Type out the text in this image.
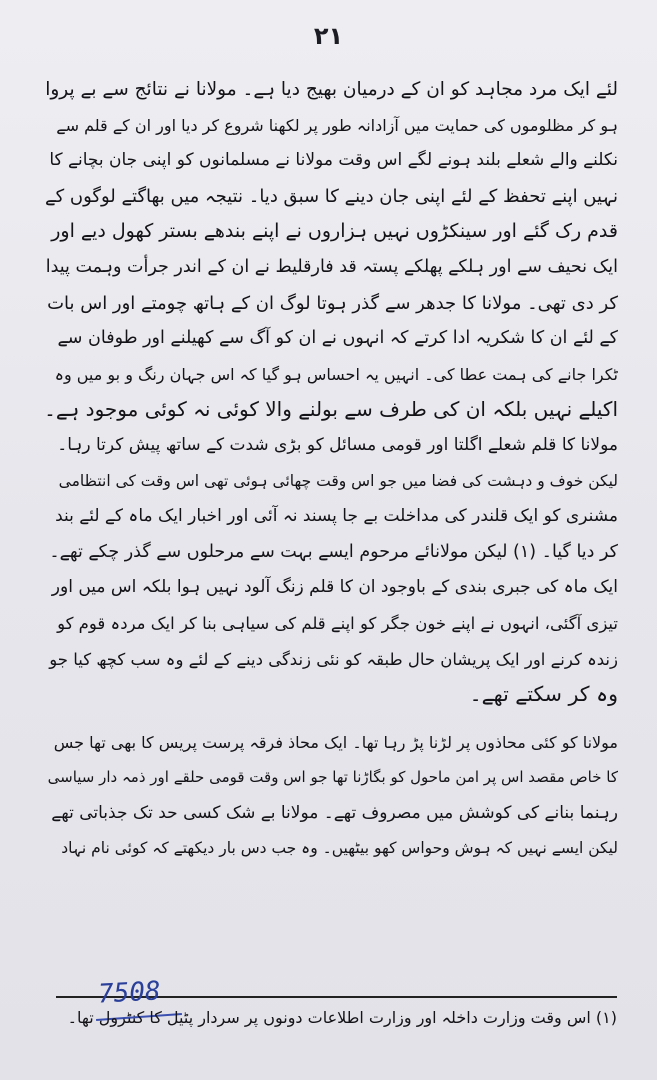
۲۱
لئے ایک مرد مجاہد کو ان کے درمیان بھیج دیا ہے۔ مولانا نے نتائج سے بے پروا
ہو کر مظلوموں کی حمایت میں آزادانہ طور پر لکھنا شروع کر دیا اور ان کے قلم سے
نکلنے والے شعلے بلند ہونے لگے اس وقت مولانا نے مسلمانوں کو اپنی جان بچانے کا
نہیں اپنے تحفظ کے لئے اپنی جان دینے کا سبق دیا۔ نتیجہ میں بھاگتے لوگوں کے
قدم رک گئے اور سینکڑوں نہیں ہزاروں نے اپنے بندھے بستر کھول دیے اور
ایک نحیف سے اور ہلکے پھلکے پستہ قد فارقلیط نے ان کے اندر جرأت وہمت پیدا
کر دی تھی۔ مولانا کا جدھر سے گذر ہوتا لوگ ان کے ہاتھ چومتے اور اس بات
کے لئے ان کا شکریہ ادا کرتے کہ انہوں نے ان کو آگ سے کھیلنے اور طوفان سے
ٹکرا جانے کی ہمت عطا کی۔ انہیں یہ احساس ہو گیا کہ اس جہان رنگ و بو میں وہ
اکیلے نہیں بلکہ ان کی طرف سے بولنے والا کوئی نہ کوئی موجود ہے۔
مولانا کا قلم شعلے اگلتا اور قومی مسائل کو بڑی شدت کے ساتھ پیش کرتا رہا۔
لیکن خوف و دہشت کی فضا میں جو اس وقت چھائی ہوئی تھی اس وقت کی انتظامی
مشنری کو ایک قلندر کی مداخلت بے جا پسند نہ آئی اور اخبار ایک ماہ کے لئے بند
کر دیا گیا۔ (۱) لیکن مولانائے مرحوم ایسے بہت سے مرحلوں سے گذر چکے تھے۔
ایک ماہ کی جبری بندی کے باوجود ان کا قلم زنگ آلود نہیں ہوا بلکہ اس میں اور
تیزی آگئی، انہوں نے اپنے خون جگر کو اپنے قلم کی سیاہی بنا کر ایک مردہ قوم کو
زندہ کرنے اور ایک پریشان حال طبقہ کو نئی زندگی دینے کے لئے وہ سب کچھ کیا جو
وہ کر سکتے تھے۔
مولانا کو کئی محاذوں پر لڑنا پڑ رہا تھا۔ ایک محاذ فرقہ پرست پریس کا بھی تھا جس
کا خاص مقصد اس پر امن ماحول کو بگاڑنا تھا جو اس وقت قومی حلقے اور ذمہ دار سیاسی
رہنما بنانے کی کوشش میں مصروف تھے۔ مولانا بے شک کسی حد تک جذباتی تھے
لیکن ایسے نہیں کہ ہوش وحواس کھو بیٹھیں۔ وہ جب دس بار دیکھتے کہ کوئی نام نہاد
7508
(۱) اس وقت وزارت داخلہ اور وزارت اطلاعات دونوں پر سردار پٹیل کا کنٹرول تھا۔
